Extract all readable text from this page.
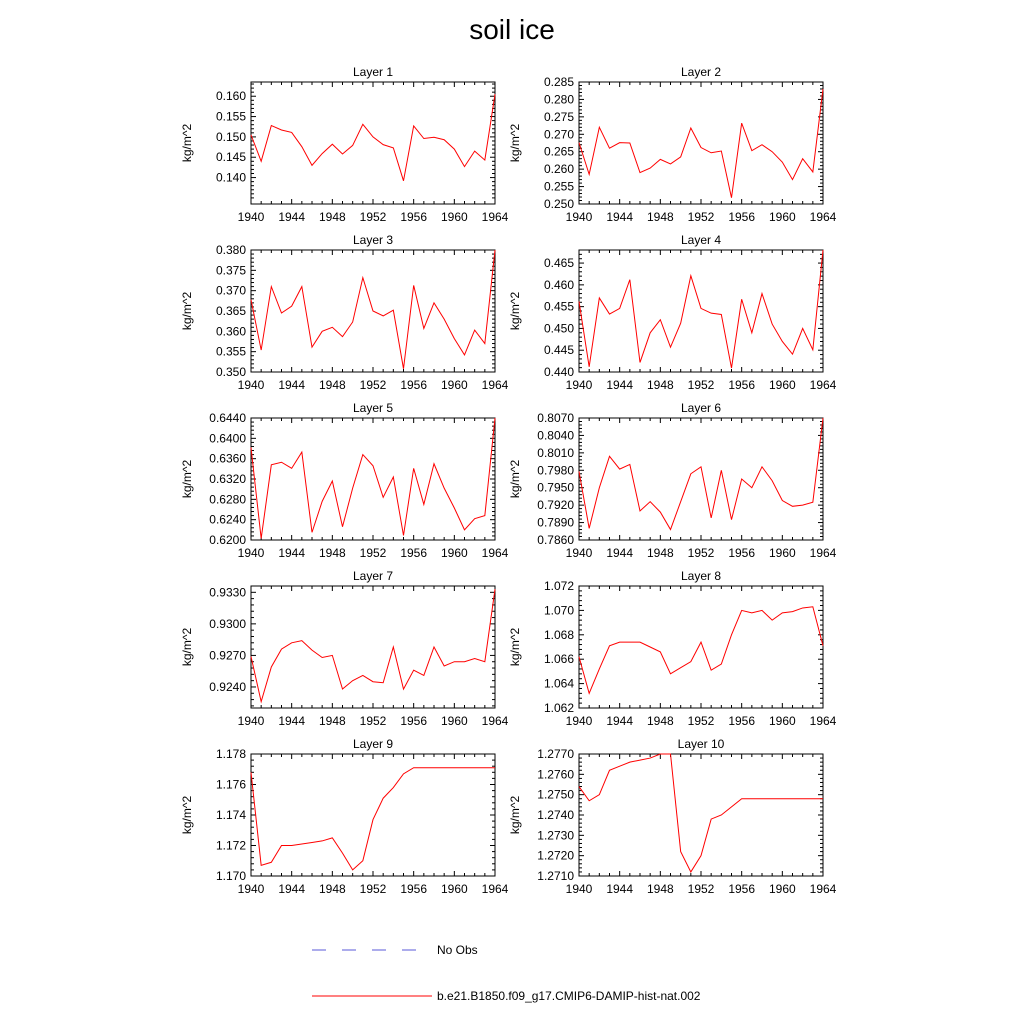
soil ice
Layer 1
kg/m^2
1940 1944 1948 1952 1956 1960 1964
0.140
0.145
0.150
0.155
0.160
Layer 2
kg/m^2
1940 1944 1948 1952 1956 1960 1964
0.250
0.255
0.260
0.265
0.270
0.275
0.280
0.285
Layer 3
kg/m^2
1940 1944 1948 1952 1956 1960 1964
0.350
0.355
0.360
0.365
0.370
0.375
0.380
Layer 4
kg/m^2
1940 1944 1948 1952 1956 1960 1964
0.440
0.445
0.450
0.455
0.460
0.465
Layer 5
kg/m^2
1940 1944 1948 1952 1956 1960 1964
0.6200
0.6240
0.6280
0.6320
0.6360
0.6400
0.6440
Layer 6
kg/m^2
1940 1944 1948 1952 1956 1960 1964
0.7860
0.7890
0.7920
0.7950
0.7980
0.8010
0.8040
0.8070
Layer 7
kg/m^2
1940 1944 1948 1952 1956 1960 1964
0.9240
0.9270
0.9300
0.9330
Layer 8
kg/m^2
1940 1944 1948 1952 1956 1960 1964
1.062
1.064
1.066
1.068
1.070
1.072
Layer 9
kg/m^2
1940 1944 1948 1952 1956 1960 1964
1.170
1.172
1.174
1.176
1.178
Layer 10
kg/m^2
1940 1944 1948 1952 1956 1960 1964
1.2710
1.2720
1.2730
1.2740
1.2750
1.2760
1.2770
No Obs
b.e21.B1850.f09_g17.CMIP6-DAMIP-hist-nat.002
